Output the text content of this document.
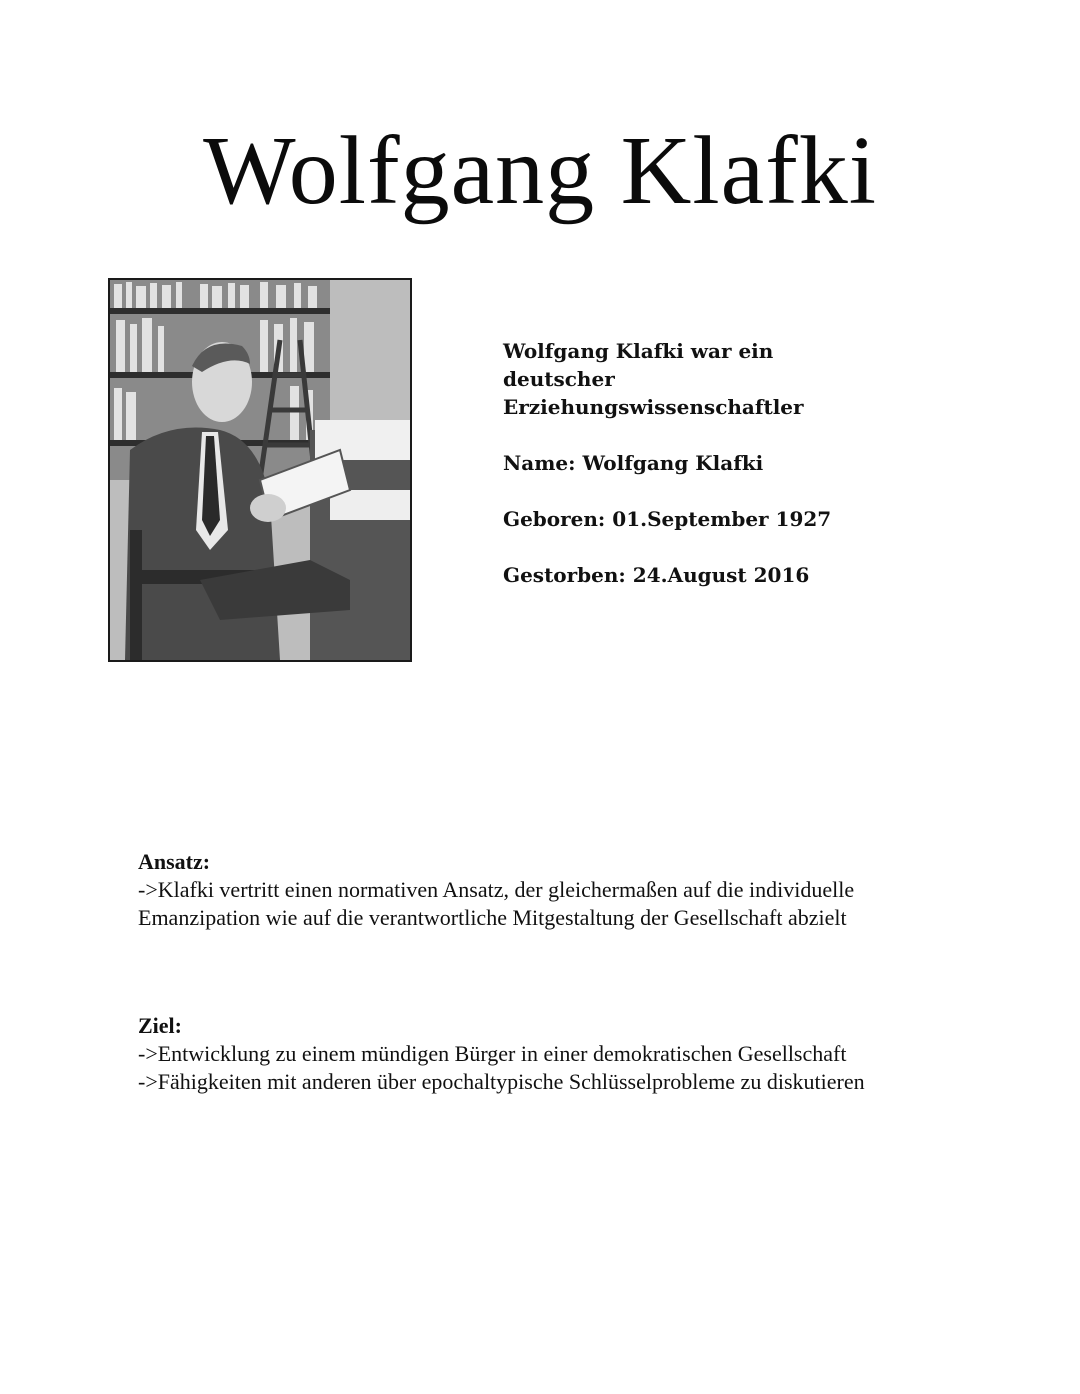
Wolfgang Klafki
Wolfgang Klafki war ein
deutscher
Erziehungswissenschaftler
Name: Wolfgang Klafki
Geboren: 01.September 1927
Gestorben: 24.August 2016
Ansatz:
->Klafki vertritt einen normativen Ansatz, der gleichermaßen auf die individuelle
Emanzipation wie auf die verantwortliche Mitgestaltung der Gesellschaft abzielt
Ziel:
->Entwicklung zu einem mündigen Bürger in einer demokratischen Gesellschaft
->Fähigkeiten mit anderen über epochaltypische Schlüsselprobleme zu diskutieren
